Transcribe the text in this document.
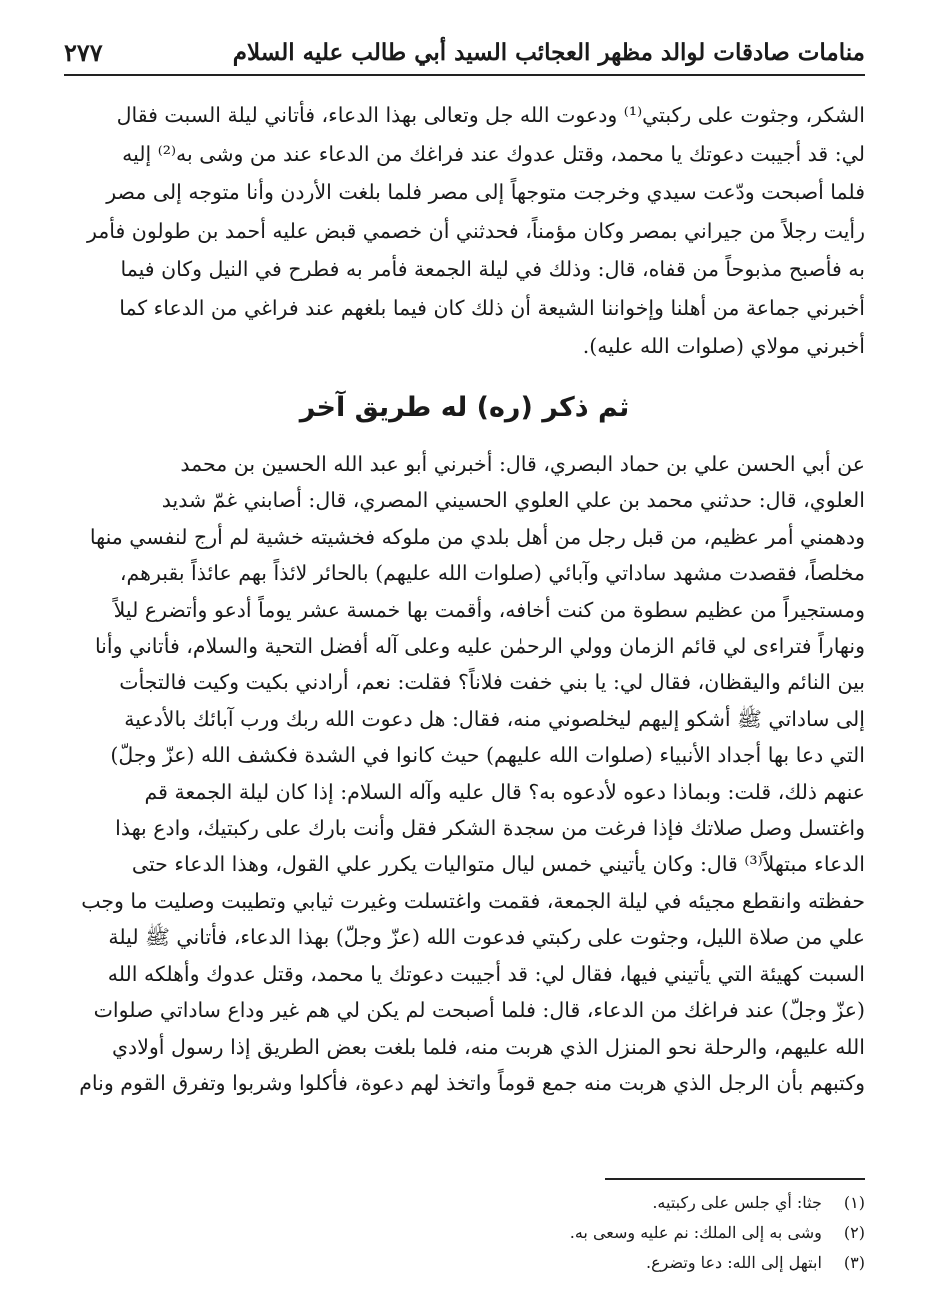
منامات صادقات لوالد مظهر العجائب السيد أبي طالب عليه السلام
٢٧٧
الشكر، وجثوت على ركبتي⁽¹⁾ ودعوت الله جل وتعالى بهذا الدعاء، فأتاني ليلة السبت فقال
لي: قد أجيبت دعوتك يا محمد، وقتل عدوك عند فراغك من الدعاء عند من وشى به⁽²⁾ إليه
فلما أصبحت ودّعت سيدي وخرجت متوجهاً إلى مصر فلما بلغت الأردن وأنا متوجه إلى مصر
رأيت رجلاً من جيراني بمصر وكان مؤمناً، فحدثني أن خصمي قبض عليه أحمد بن طولون فأمر
به فأصبح مذبوحاً من قفاه، قال: وذلك في ليلة الجمعة فأمر به فطرح في النيل وكان فيما
أخبرني جماعة من أهلنا وإخواننا الشيعة أن ذلك كان فيما بلغهم عند فراغي من الدعاء كما
أخبرني مولاي (صلوات الله عليه).
ثم ذكر (ره) له طريق آخر
عن أبي الحسن علي بن حماد البصري، قال: أخبرني أبو عبد الله الحسين بن محمد
العلوي، قال: حدثني محمد بن علي العلوي الحسيني المصري، قال: أصابني غمّ شديد
ودهمني أمر عظيم، من قبل رجل من أهل بلدي من ملوكه فخشيته خشية لم أرج لنفسي منها
مخلصاً، فقصدت مشهد ساداتي وآبائي (صلوات الله عليهم) بالحائر لائذاً بهم عائذاً بقبرهم،
ومستجيراً من عظيم سطوة من كنت أخافه، وأقمت بها خمسة عشر يوماً أدعو وأتضرع ليلاً
ونهاراً فتراءى لي قائم الزمان وولي الرحمٰن عليه وعلى آله أفضل التحية والسلام، فأتاني وأنا
بين النائم واليقظان، فقال لي: يا بني خفت فلاناً؟ فقلت: نعم، أرادني بكيت وكيت فالتجأت
إلى ساداتي ﷺ أشكو إليهم ليخلصوني منه، فقال: هل دعوت الله ربك ورب آبائك بالأدعية
التي دعا بها أجداد الأنبياء (صلوات الله عليهم) حيث كانوا في الشدة فكشف الله (عزّ وجلّ)
عنهم ذلك، قلت: وبماذا دعوه لأدعوه به؟ قال عليه وآله السلام: إذا كان ليلة الجمعة قم
واغتسل وصل صلاتك فإذا فرغت من سجدة الشكر فقل وأنت بارك على ركبتيك، وادع بهذا
الدعاء مبتهلاً⁽³⁾ قال: وكان يأتيني خمس ليال متواليات يكرر علي القول، وهذا الدعاء حتى
حفظته وانقطع مجيئه في ليلة الجمعة، فقمت واغتسلت وغيرت ثيابي وتطيبت وصليت ما وجب
علي من صلاة الليل، وجثوت على ركبتي فدعوت الله (عزّ وجلّ) بهذا الدعاء، فأتاني ﷺ ليلة
السبت كهيئة التي يأتيني فيها، فقال لي: قد أجيبت دعوتك يا محمد، وقتل عدوك وأهلكه الله
(عزّ وجلّ) عند فراغك من الدعاء، قال: فلما أصبحت لم يكن لي هم غير وداع ساداتي صلوات
الله عليهم، والرحلة نحو المنزل الذي هربت منه، فلما بلغت بعض الطريق إذا رسول أولادي
وكتبهم بأن الرجل الذي هربت منه جمع قوماً واتخذ لهم دعوة، فأكلوا وشربوا وتفرق القوم ونام
(١) جثا: أي جلس على ركبتيه.
(٢) وشى به إلى الملك: نم عليه وسعى به.
(٣) ابتهل إلى الله: دعا وتضرع.
